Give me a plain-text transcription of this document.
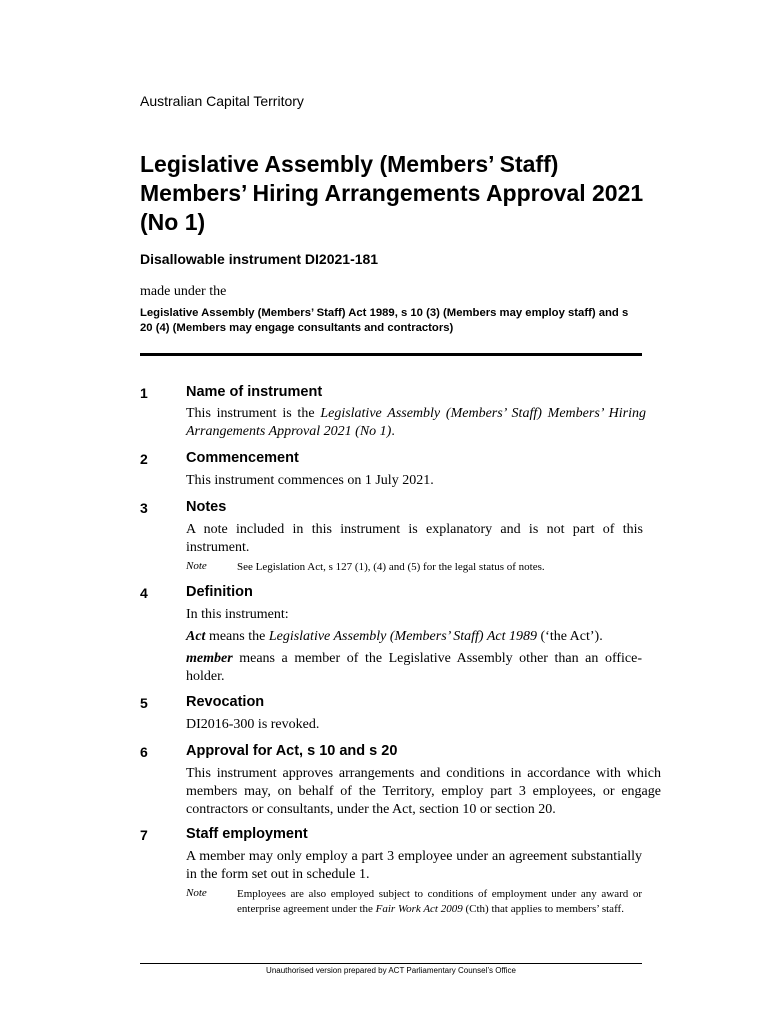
Australian Capital Territory
Legislative Assembly (Members’ Staff) Members’ Hiring Arrangements Approval 2021 (No 1)
Disallowable instrument DI2021-181
made under the
Legislative Assembly (Members’ Staff) Act 1989, s 10 (3) (Members may employ staff) and s 20 (4) (Members may engage consultants and contractors)
1	Name of instrument
This instrument is the Legislative Assembly (Members’ Staff) Members’ Hiring Arrangements Approval 2021 (No 1).
2	Commencement
This instrument commences on 1 July 2021.
3	Notes
A note included in this instrument is explanatory and is not part of this instrument.
Note	See Legislation Act, s 127 (1), (4) and (5) for the legal status of notes.
4	Definition
In this instrument:
Act means the Legislative Assembly (Members’ Staff) Act 1989 (‘the Act’).
member means a member of the Legislative Assembly other than an office-holder.
5	Revocation
DI2016-300 is revoked.
6	Approval for Act, s 10 and s 20
This instrument approves arrangements and conditions in accordance with which members may, on behalf of the Territory, employ part 3 employees, or engage contractors or consultants, under the Act, section 10 or section 20.
7	Staff employment
A member may only employ a part 3 employee under an agreement substantially in the form set out in schedule 1.
Note	Employees are also employed subject to conditions of employment under any award or enterprise agreement under the Fair Work Act 2009 (Cth) that applies to members’ staff.
Unauthorised version prepared by ACT Parliamentary Counsel’s Office
